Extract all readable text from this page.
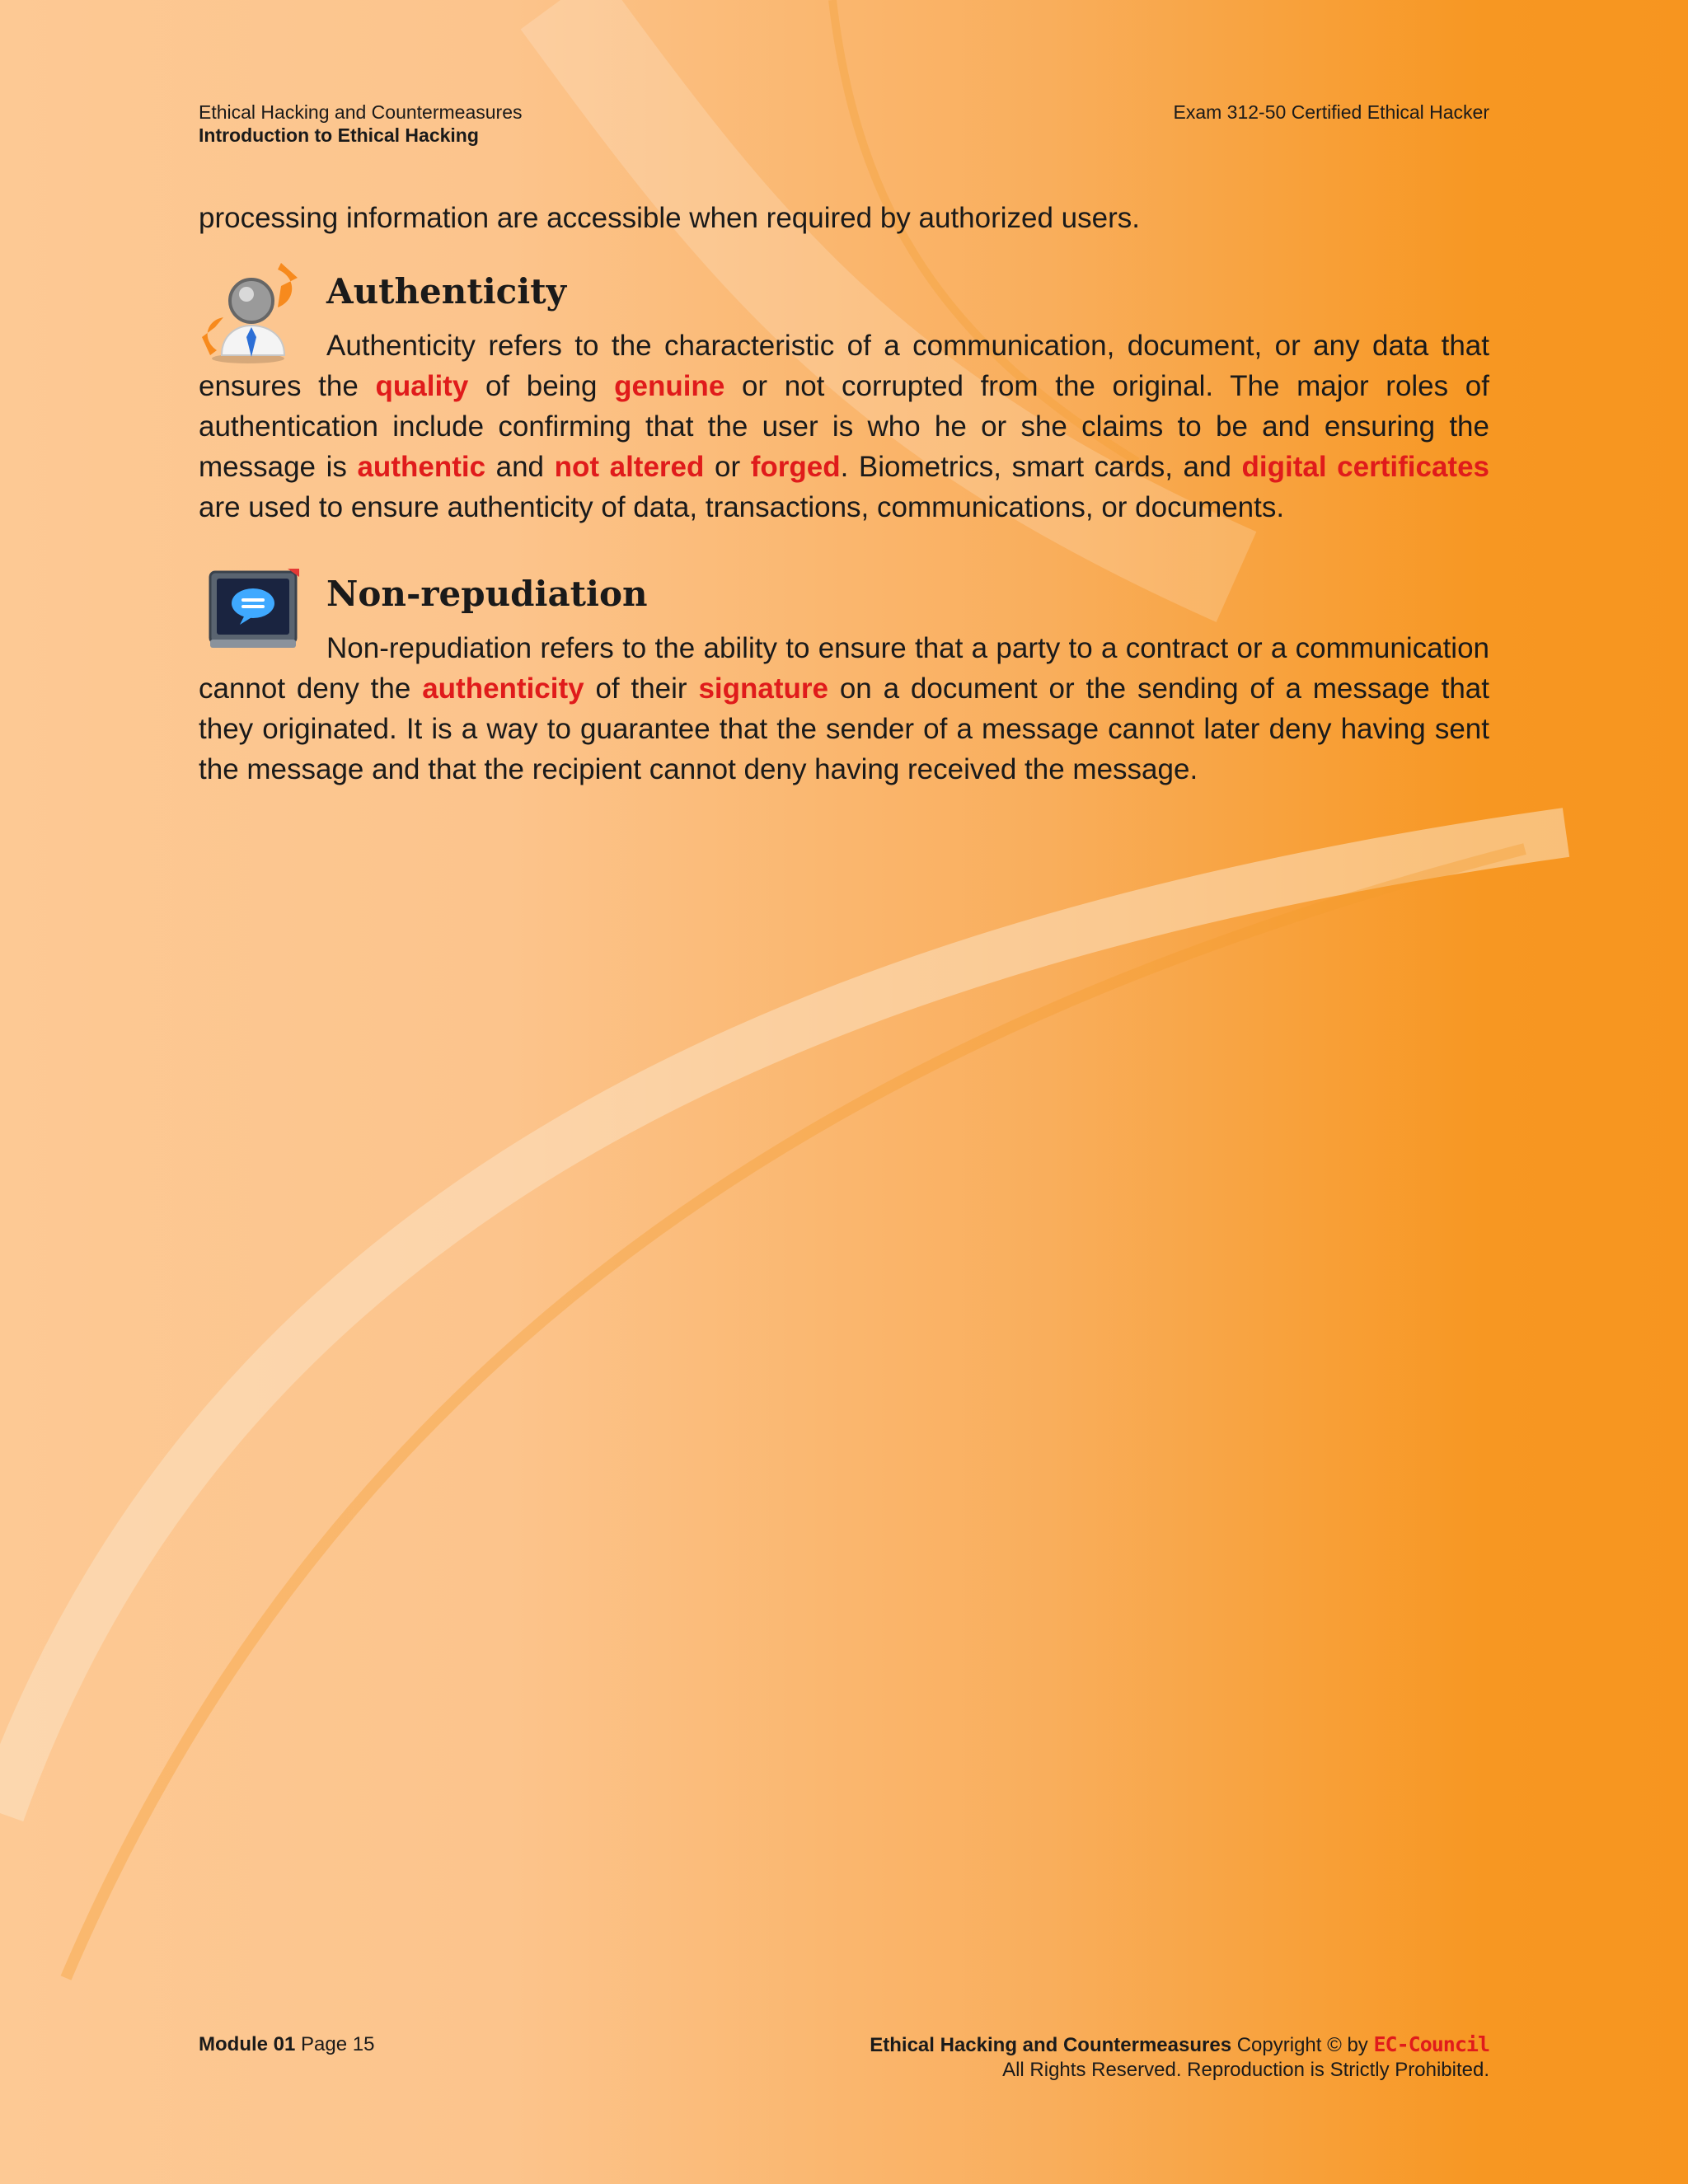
Ethical Hacking and Countermeasures
Introduction to Ethical Hacking
Exam 312-50 Certified Ethical Hacker

processing information are accessible when required by authorized users.

Authenticity

Authenticity refers to the characteristic of a communication, document, or any data that ensures the quality of being genuine or not corrupted from the original. The major roles of authentication include confirming that the user is who he or she claims to be and ensuring the message is authentic and not altered or forged. Biometrics, smart cards, and digital certificates are used to ensure authenticity of data, transactions, communications, or documents.

Non-repudiation

Non-repudiation refers to the ability to ensure that a party to a contract or a communication cannot deny the authenticity of their signature on a document or the sending of a message that they originated. It is a way to guarantee that the sender of a message cannot later deny having sent the message and that the recipient cannot deny having received the message.

Module 01 Page 15	Ethical Hacking and Countermeasures Copyright © by EC-Council
All Rights Reserved. Reproduction is Strictly Prohibited.
